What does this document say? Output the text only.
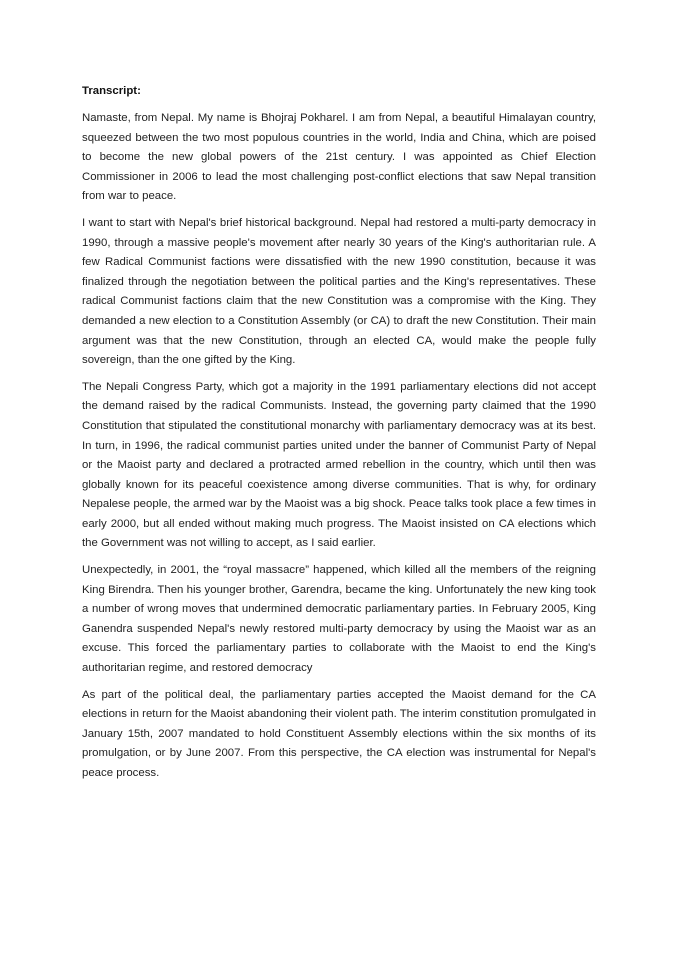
Transcript:

Namaste, from Nepal. My name is Bhojraj Pokharel. I am from Nepal, a beautiful Himalayan country, squeezed between the two most populous countries in the world, India and China, which are poised to become the new global powers of the 21st century. I was appointed as Chief Election Commissioner in 2006 to lead the most challenging post-conflict elections that saw Nepal transition from war to peace.

I want to start with Nepal's brief historical background. Nepal had restored a multi-party democracy in 1990, through a massive people's movement after nearly 30 years of the King's authoritarian rule. A few Radical Communist factions were dissatisfied with the new 1990 constitution, because it was finalized through the negotiation between the political parties and the King's representatives. These radical Communist factions claim that the new Constitution was a compromise with the King. They demanded a new election to a Constitution Assembly (or CA) to draft the new Constitution. Their main argument was that the new Constitution, through an elected CA, would make the people fully sovereign, than the one gifted by the King.

The Nepali Congress Party, which got a majority in the 1991 parliamentary elections did not accept the demand raised by the radical Communists. Instead, the governing party claimed that the 1990 Constitution that stipulated the constitutional monarchy with parliamentary democracy was at its best. In turn, in 1996, the radical communist parties united under the banner of Communist Party of Nepal or the Maoist party and declared a protracted armed rebellion in the country, which until then was globally known for its peaceful coexistence among diverse communities. That is why, for ordinary Nepalese people, the armed war by the Maoist was a big shock. Peace talks took place a few times in early 2000, but all ended without making much progress. The Maoist insisted on CA elections which the Government was not willing to accept, as I said earlier.

Unexpectedly, in 2001, the “royal massacre” happened, which killed all the members of the reigning King Birendra. Then his younger brother, Garendra, became the king. Unfortunately the new king took a number of wrong moves that undermined democratic parliamentary parties. In February 2005, King Ganendra suspended Nepal's newly restored multi-party democracy by using the Maoist war as an excuse. This forced the parliamentary parties to collaborate with the Maoist to end the King's authoritarian regime, and restored democracy

As part of the political deal, the parliamentary parties accepted the Maoist demand for the CA elections in return for the Maoist abandoning their violent path. The interim constitution promulgated in January 15th, 2007 mandated to hold Constituent Assembly elections within the six months of its promulgation, or by June 2007. From this perspective, the CA election was instrumental for Nepal's peace process.
